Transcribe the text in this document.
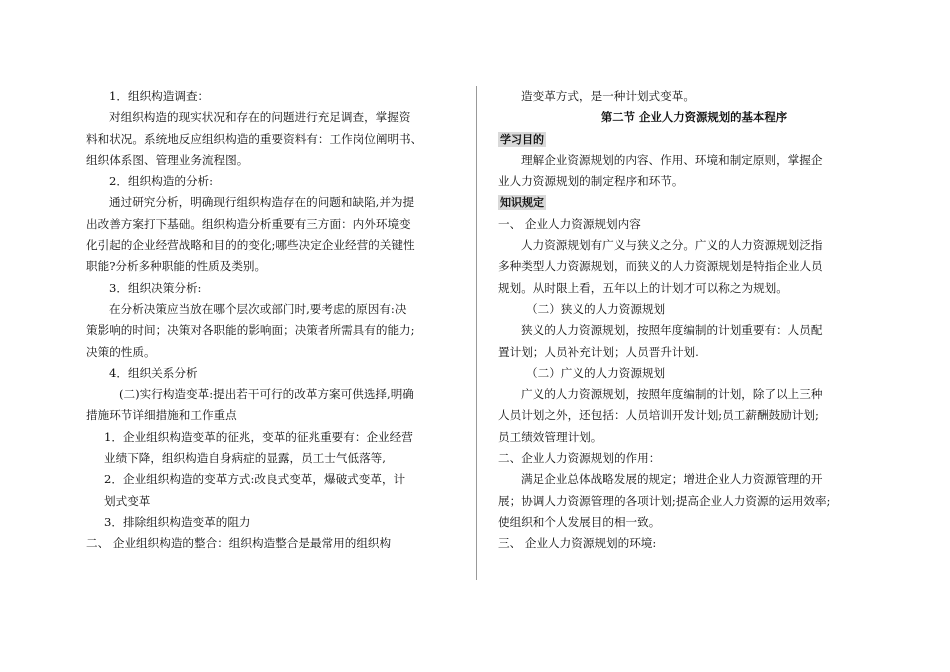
1．组织构造调查：
对组织构造的现实状况和存在的问题进行充足调查，掌握资
料和状况。系统地反应组织构造的重要资料有：工作岗位阐明书、
组织体系图、管理业务流程图。
2．组织构造的分析:
通过研究分析，明确现行组织构造存在的问题和缺陷,并为提
出改善方案打下基础。组织构造分析重要有三方面：内外环境变
化引起的企业经营战略和目的的变化;哪些决定企业经营的关键性
职能?分析多种职能的性质及类别。
3．组织决策分析:
在分析决策应当放在哪个层次或部门时,要考虑的原因有:决
策影响的时间；决策对各职能的影响面；决策者所需具有的能力;
决策的性质。
4．组织关系分析
(二)实行构造变革:提出若干可行的改革方案可供选择,明确
措施环节详细措施和工作重点
1．企业组织构造变革的征兆，变革的征兆重要有：企业经营
业绩下降，组织构造自身病症的显露，员工士气低落等,
2．企业组织构造的变革方式:改良式变革，爆破式变革，计
划式变革
3．排除组织构造变革的阻力
二、 企业组织构造的整合：组织构造整合是最常用的组织构
造变革方式，是一种计划式变革。
第二节 企业人力资源规划的基本程序
学习目的
理解企业资源规划的内容、作用、环境和制定原则，掌握企
业人力资源规划的制定程序和环节。
知识规定
一、 企业人力资源规划内容
人力资源规划有广义与狭义之分。广义的人力资源规划泛指
多种类型人力资源规划，而狭义的人力资源规划是特指企业人员
规划。从时限上看，五年以上的计划才可以称之为规划。
（二）狭义的人力资源规划
狭义的人力资源规划，按照年度编制的计划重要有：人员配
置计划；人员补充计划；人员晋升计划.
（二）广义的人力资源规划
广义的人力资源规划，按照年度编制的计划，除了以上三种
人员计划之外，还包括：人员培训开发计划;员工薪酬鼓励计划;
员工绩效管理计划。
二、企业人力资源规划的作用：
满足企业总体战略发展的规定；增进企业人力资源管理的开
展；协调人力资源管理的各项计划;提高企业人力资源的运用效率;
使组织和个人发展目的相一致。
三、 企业人力资源规划的环境:
